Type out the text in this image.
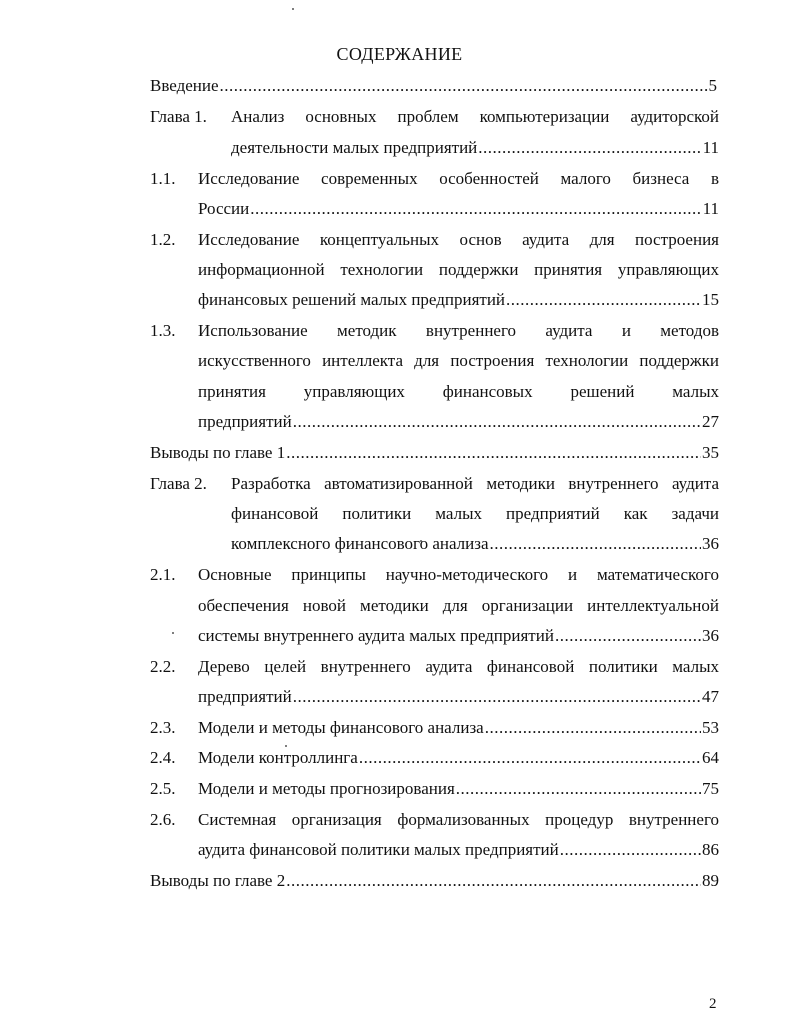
СОДЕРЖАНИЕ
Введение .....	5
Глава 1. Анализ основных проблем компьютеризации аудиторской
деятельности малых предприятий .....	11
1.1. Исследование современных особенностей малого бизнеса в
России .....	11
1.2. Исследование концептуальных основ аудита для построения
информационной технологии поддержки принятия управляющих
финансовых решений малых предприятий .....	15
1.3. Использование методик внутреннего аудита и методов
искусственного интеллекта для построения технологии поддержки
принятия управляющих финансовых решений малых
предприятий .....	27
Выводы по главе 1 .....	35
Глава 2. Разработка автоматизированной методики внутреннего аудита
финансовой политики малых предприятий как задачи
комплексного финансового анализа .....	36
2.1. Основные принципы научно-методического и математического
обеспечения новой методики для организации интеллектуальной
системы внутреннего аудита малых предприятий .....	36
2.2. Дерево целей внутреннего аудита финансовой политики малых
предприятий .....	47
2.3. Модели и методы финансового анализа .....	53
2.4. Модели контроллинга .....	64
2.5. Модели и методы прогнозирования .....	75
2.6. Системная организация формализованных процедур внутреннего
аудита финансовой политики малых предприятий .....	86
Выводы по главе 2 .....	89
2
